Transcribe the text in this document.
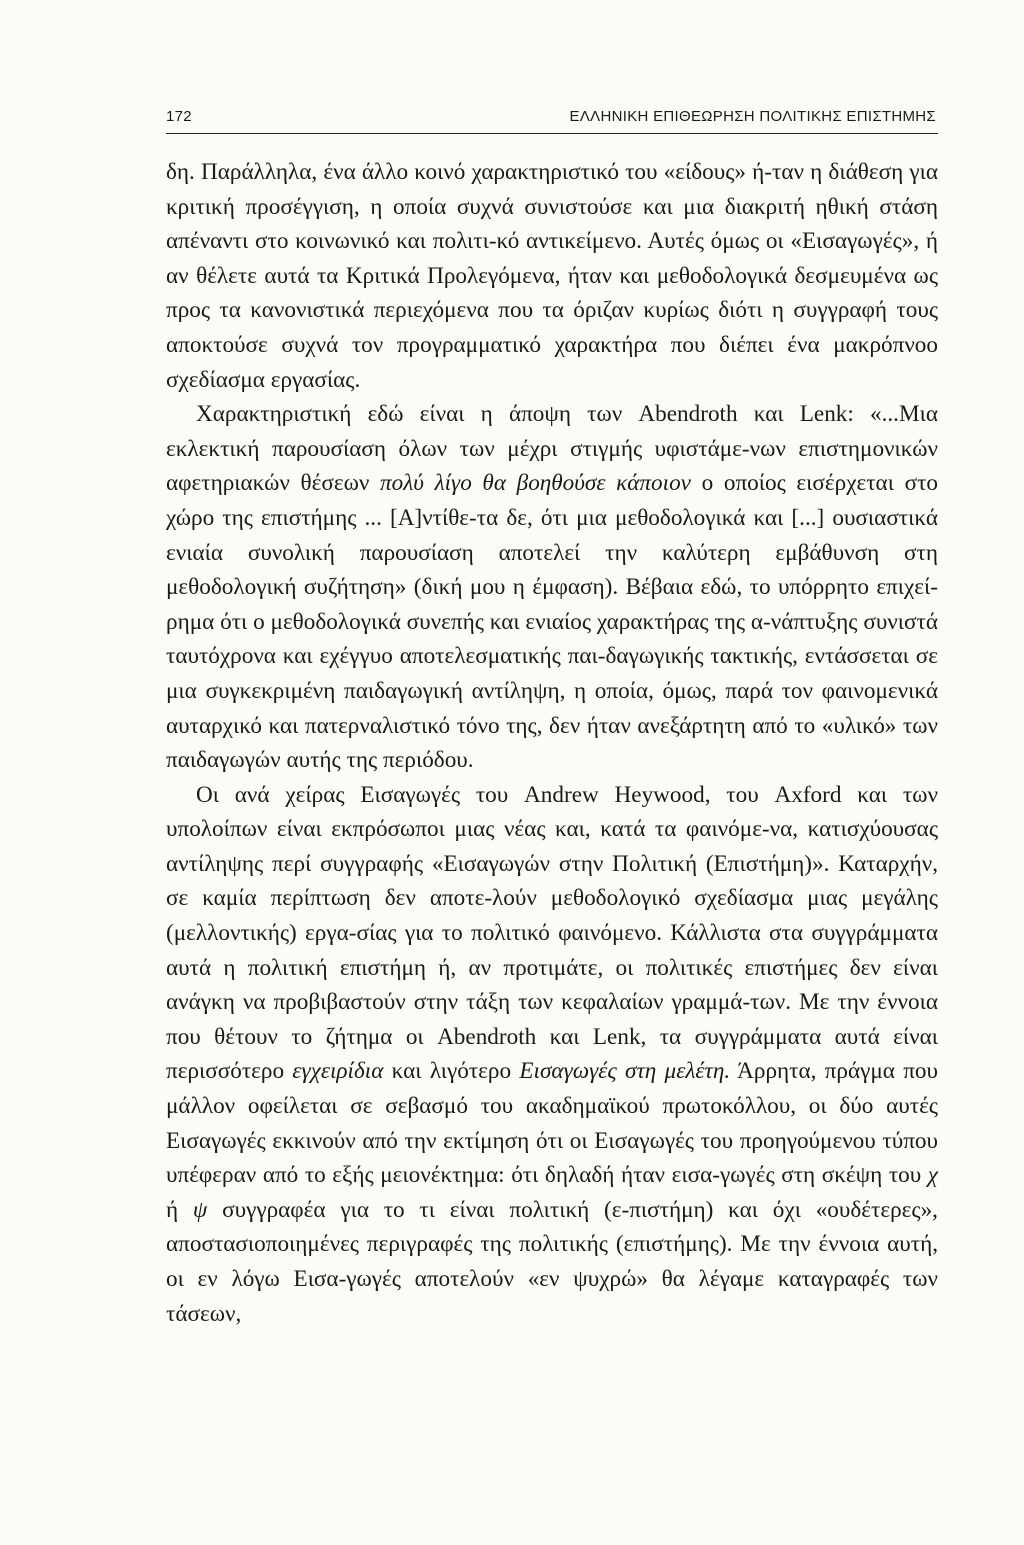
172	ΕΛΛΗΝΙΚΗ ΕΠΙΘΕΩΡΗΣΗ ΠΟΛΙΤΙΚΗΣ ΕΠΙΣΤΗΜΗΣ

δη. Παράλληλα, ένα άλλο κοινό χαρακτηριστικό του «είδους» ή-ταν η διάθεση για κριτική προσέγγιση, η οποία συχνά συνιστούσε και μια διακριτή ηθική στάση απέναντι στο κοινωνικό και πολιτι-κό αντικείμενο. Αυτές όμως οι «Εισαγωγές», ή αν θέλετε αυτά τα Κριτικά Προλεγόμενα, ήταν και μεθοδολογικά δεσμευμένα ως προς τα κανονιστικά περιεχόμενα που τα όριζαν κυρίως διότι η συγγραφή τους αποκτούσε συχνά τον προγραμματικό χαρακτήρα που διέπει ένα μακρόπνοο σχεδίασμα εργασίας.

Χαρακτηριστική εδώ είναι η άποψη των Abendroth και Lenk: «...Μια εκλεκτική παρουσίαση όλων των μέχρι στιγμής υφιστάμε-νων επιστημονικών αφετηριακών θέσεων πολύ λίγο θα βοηθούσε κάποιον ο οποίος εισέρχεται στο χώρο της επιστήμης ... [Α]ντίθε-τα δε, ότι μια μεθοδολογικά και [...] ουσιαστικά ενιαία συνολική παρουσίαση αποτελεί την καλύτερη εμβάθυνση στη μεθοδολογική συζήτηση» (δική μου η έμφαση). Βέβαια εδώ, το υπόρρητο επιχεί-ρημα ότι ο μεθοδολογικά συνεπής και ενιαίος χαρακτήρας της α-νάπτυξης συνιστά ταυτόχρονα και εχέγγυο αποτελεσματικής παι-δαγωγικής τακτικής, εντάσσεται σε μια συγκεκριμένη παιδαγωγική αντίληψη, η οποία, όμως, παρά τον φαινομενικά αυταρχικό και πατερναλιστικό τόνο της, δεν ήταν ανεξάρτητη από το «υλικό» των παιδαγωγών αυτής της περιόδου.

Οι ανά χείρας Εισαγωγές του Andrew Heywood, του Axford και των υπολοίπων είναι εκπρόσωποι μιας νέας και, κατά τα φαινόμε-να, κατισχύουσας αντίληψης περί συγγραφής «Εισαγωγών στην Πολιτική (Επιστήμη)». Καταρχήν, σε καμία περίπτωση δεν αποτε-λούν μεθοδολογικό σχεδίασμα μιας μεγάλης (μελλοντικής) εργα-σίας για το πολιτικό φαινόμενο. Κάλλιστα στα συγγράμματα αυτά η πολιτική επιστήμη ή, αν προτιμάτε, οι πολιτικές επιστήμες δεν είναι ανάγκη να προβιβαστούν στην τάξη των κεφαλαίων γραμμά-των. Με την έννοια που θέτουν το ζήτημα οι Abendroth και Lenk, τα συγγράμματα αυτά είναι περισσότερο εγχειρίδια και λιγότερο Εισαγωγές στη μελέτη. Άρρητα, πράγμα που μάλλον οφείλεται σε σεβασμό του ακαδημαϊκού πρωτοκόλλου, οι δύο αυτές Εισαγωγές εκκινούν από την εκτίμηση ότι οι Εισαγωγές του προηγούμενου τύπου υπέφεραν από το εξής μειονέκτημα: ότι δηλαδή ήταν εισα-γωγές στη σκέψη του χ ή ψ συγγραφέα για το τι είναι πολιτική (ε-πιστήμη) και όχι «ουδέτερες», αποστασιοποιημένες περιγραφές της πολιτικής (επιστήμης). Με την έννοια αυτή, οι εν λόγω Εισα-γωγές αποτελούν «εν ψυχρώ» θα λέγαμε καταγραφές των τάσεων,
